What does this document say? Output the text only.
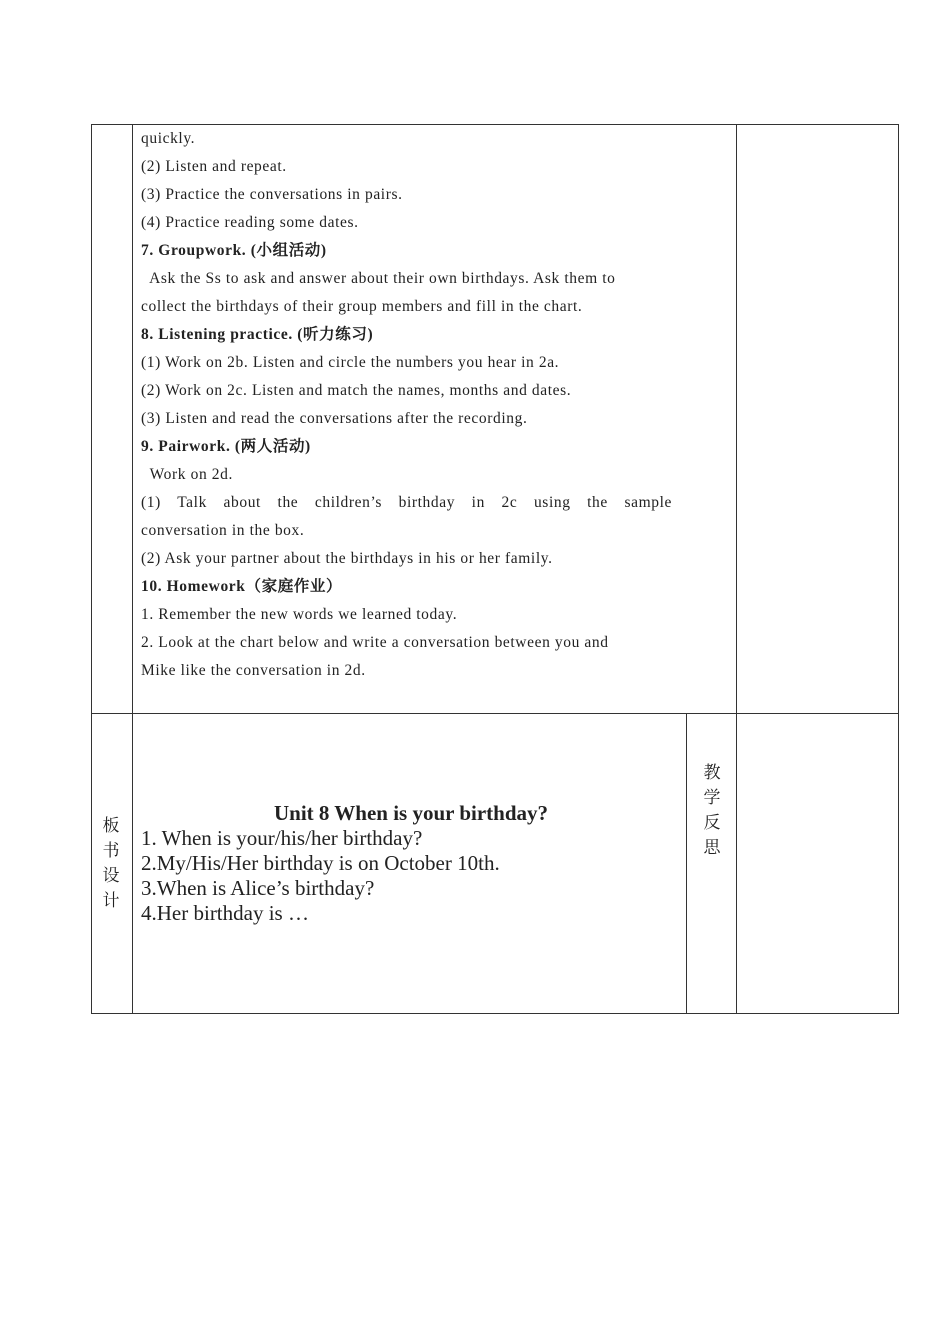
quickly.
(2) Listen and repeat.
(3) Practice the conversations in pairs.
(4) Practice reading some dates.
7. Groupwork. (小组活动)
Ask the Ss to ask and answer about their own birthdays. Ask them to
collect the birthdays of their group members and fill in the chart.
8. Listening practice. (听力练习)
(1) Work on 2b. Listen and circle the numbers you hear in 2a.
(2) Work on 2c. Listen and match the names, months and dates.
(3) Listen and read the conversations after the recording.
9. Pairwork. (两人活动)
Work on 2d.
(1) Talk about the children’s birthday in 2c using the sample
conversation in the box.
(2) Ask your partner about the birthdays in his or her family.
10. Homework（家庭作业）
1. Remember the new words we learned today.
2. Look at the chart below and write a conversation between you and
Mike like the conversation in 2d.
板
书
设
计
教
学
反
思
Unit 8 When is your birthday?
1. When is your/his/her birthday?
2.My/His/Her birthday is on October 10th.
3.When is Alice’s birthday?
4.Her birthday is …
